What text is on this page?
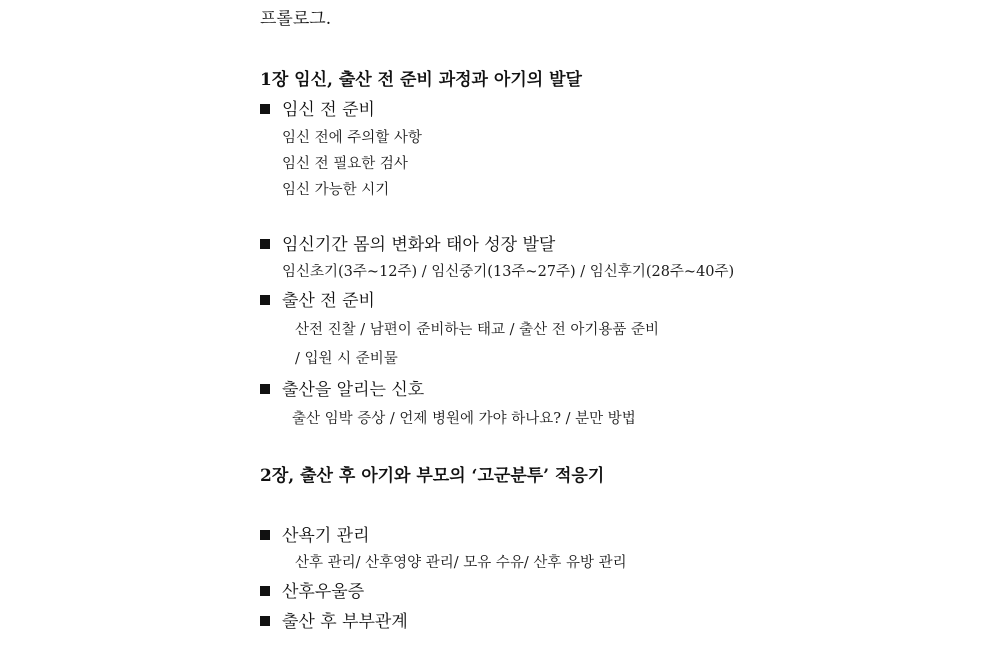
프롤로그.
1장 임신, 출산 전 준비 과정과 아기의 발달
임신 전 준비
임신 전에 주의할 사항
임신 전 필요한 검사
임신 가능한 시기
임신기간 몸의 변화와 태아 성장 발달
임신초기(3주~12주) / 임신중기(13주~27주) / 임신후기(28주~40주)
출산 전 준비
산전 진찰 / 남편이 준비하는 태교 / 출산 전 아기용품 준비
/ 입원 시 준비물
출산을 알리는 신호
출산 임박 증상 / 언제 병원에 가야 하나요? / 분만 방법
2장, 출산 후 아기와 부모의 ‘고군분투’ 적응기
산욕기 관리
산후 관리/ 산후영양 관리/ 모유 수유/ 산후 유방 관리
산후우울증
출산 후 부부관계
